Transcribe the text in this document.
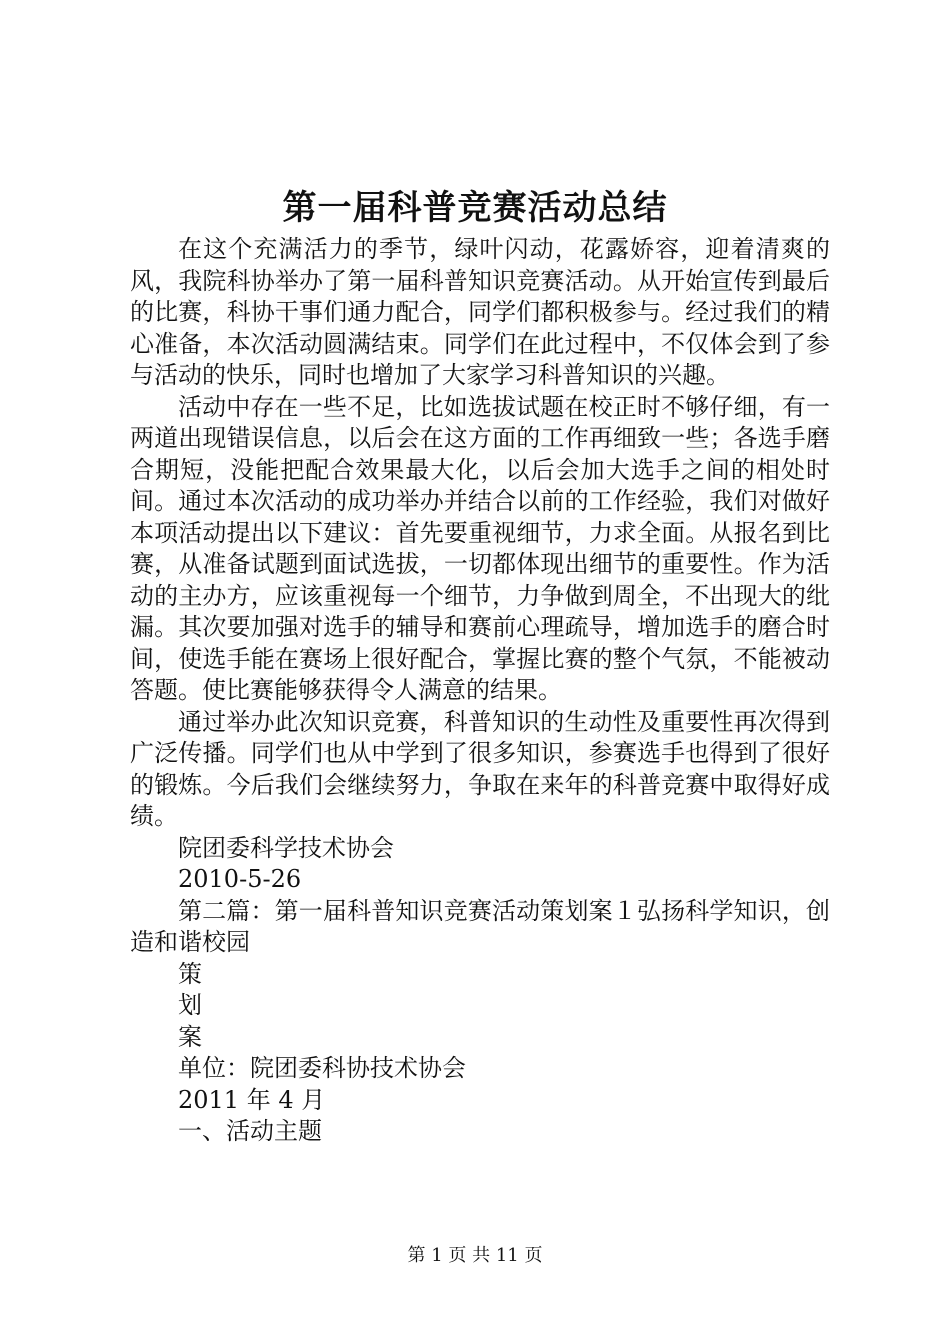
第一届科普竞赛活动总结

在这个充满活力的季节，绿叶闪动，花露娇容，迎着清爽的风，我院科协举办了第一届科普知识竞赛活动。从开始宣传到最后的比赛，科协干事们通力配合，同学们都积极参与。经过我们的精心准备，本次活动圆满结束。同学们在此过程中，不仅体会到了参与活动的快乐，同时也增加了大家学习科普知识的兴趣。

活动中存在一些不足，比如选拔试题在校正时不够仔细，有一两道出现错误信息，以后会在这方面的工作再细致一些；各选手磨合期短，没能把配合效果最大化，以后会加大选手之间的相处时间。通过本次活动的成功举办并结合以前的工作经验，我们对做好本项活动提出以下建议：首先要重视细节，力求全面。从报名到比赛，从准备试题到面试选拔，一切都体现出细节的重要性。作为活动的主办方，应该重视每一个细节，力争做到周全，不出现大的纰漏。其次要加强对选手的辅导和赛前心理疏导，增加选手的磨合时间，使选手能在赛场上很好配合，掌握比赛的整个气氛，不能被动答题。使比赛能够获得令人满意的结果。

通过举办此次知识竞赛，科普知识的生动性及重要性再次得到广泛传播。同学们也从中学到了很多知识，参赛选手也得到了很好的锻炼。今后我们会继续努力，争取在来年的科普竞赛中取得好成绩。

院团委科学技术协会
2010-5-26

第二篇：第一届科普知识竞赛活动策划案１弘扬科学知识，创造和谐校园

策
划
案
单位：院团委科协技术协会
2011 年 4 月
一、活动主题
第 1 页 共 11 页
